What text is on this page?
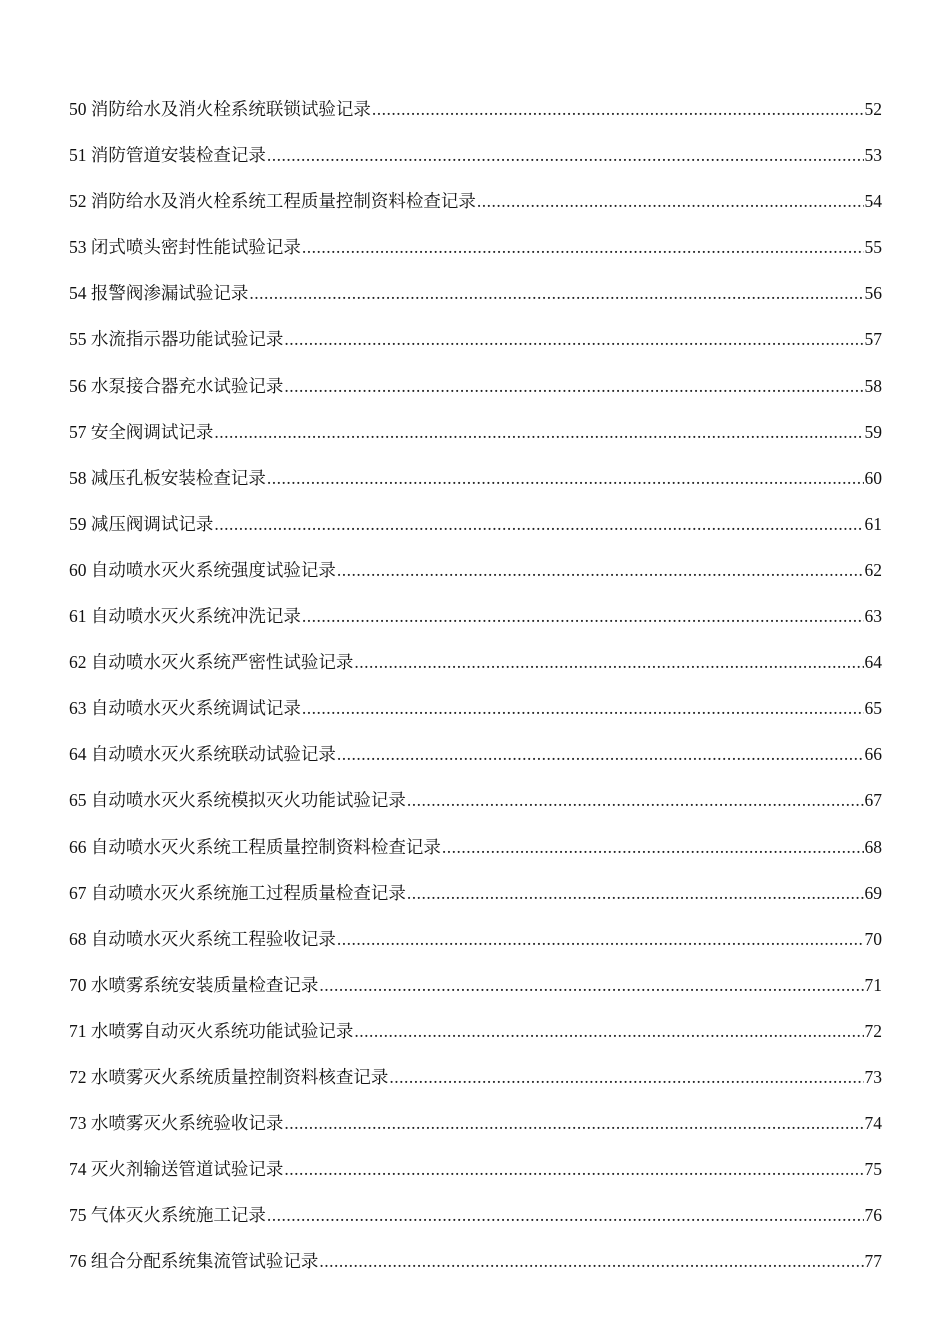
50 消防给水及消火栓系统联锁试验记录 .....	52
51 消防管道安装检查记录 .....	53
52 消防给水及消火栓系统工程质量控制资料检查记录 .....	54
53 闭式喷头密封性能试验记录 .....	55
54 报警阀渗漏试验记录 .....	56
55 水流指示器功能试验记录 .....	57
56 水泵接合器充水试验记录 .....	58
57 安全阀调试记录 .....	59
58 减压孔板安装检查记录 .....	60
59 减压阀调试记录 .....	61
60 自动喷水灭火系统强度试验记录 .....	62
61 自动喷水灭火系统冲洗记录 .....	63
62 自动喷水灭火系统严密性试验记录 .....	64
63 自动喷水灭火系统调试记录 .....	65
64 自动喷水灭火系统联动试验记录 .....	66
65 自动喷水灭火系统模拟灭火功能试验记录 .....	67
66 自动喷水灭火系统工程质量控制资料检查记录 .....	68
67 自动喷水灭火系统施工过程质量检查记录 .....	69
68 自动喷水灭火系统工程验收记录 .....	70
70 水喷雾系统安装质量检查记录 .....	71
71 水喷雾自动灭火系统功能试验记录 .....	72
72 水喷雾灭火系统质量控制资料核查记录 .....	73
73 水喷雾灭火系统验收记录 .....	74
74 灭火剂输送管道试验记录 .....	75
75 气体灭火系统施工记录 .....	76
76 组合分配系统集流管试验记录 .....	77
